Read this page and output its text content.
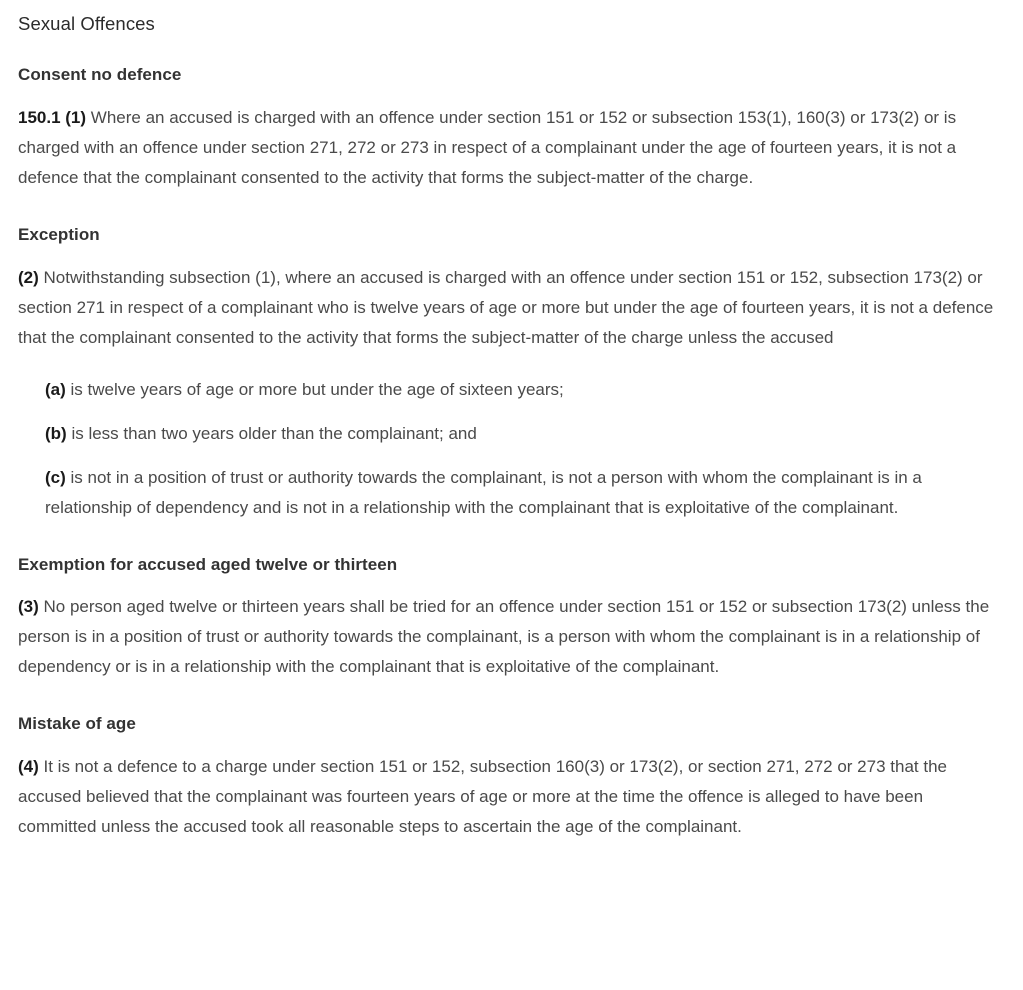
Sexual Offences
Consent no defence

150.1 (1) Where an accused is charged with an offence under section 151 or 152 or subsection 153(1), 160(3) or 173(2) or is charged with an offence under section 271, 272 or 273 in respect of a complainant under the age of fourteen years, it is not a defence that the complainant consented to the activity that forms the subject-matter of the charge.

Exception

(2) Notwithstanding subsection (1), where an accused is charged with an offence under section 151 or 152, subsection 173(2) or section 271 in respect of a complainant who is twelve years of age or more but under the age of fourteen years, it is not a defence that the complainant consented to the activity that forms the subject-matter of the charge unless the accused

(a) is twelve years of age or more but under the age of sixteen years;

(b) is less than two years older than the complainant; and

(c) is not in a position of trust or authority towards the complainant, is not a person with whom the complainant is in a relationship of dependency and is not in a relationship with the complainant that is exploitative of the complainant.

Exemption for accused aged twelve or thirteen

(3) No person aged twelve or thirteen years shall be tried for an offence under section 151 or 152 or subsection 173(2) unless the person is in a position of trust or authority towards the complainant, is a person with whom the complainant is in a relationship of dependency or is in a relationship with the complainant that is exploitative of the complainant.

Mistake of age

(4) It is not a defence to a charge under section 151 or 152, subsection 160(3) or 173(2), or section 271, 272 or 273 that the accused believed that the complainant was fourteen years of age or more at the time the offence is alleged to have been committed unless the accused took all reasonable steps to ascertain the age of the complainant.
